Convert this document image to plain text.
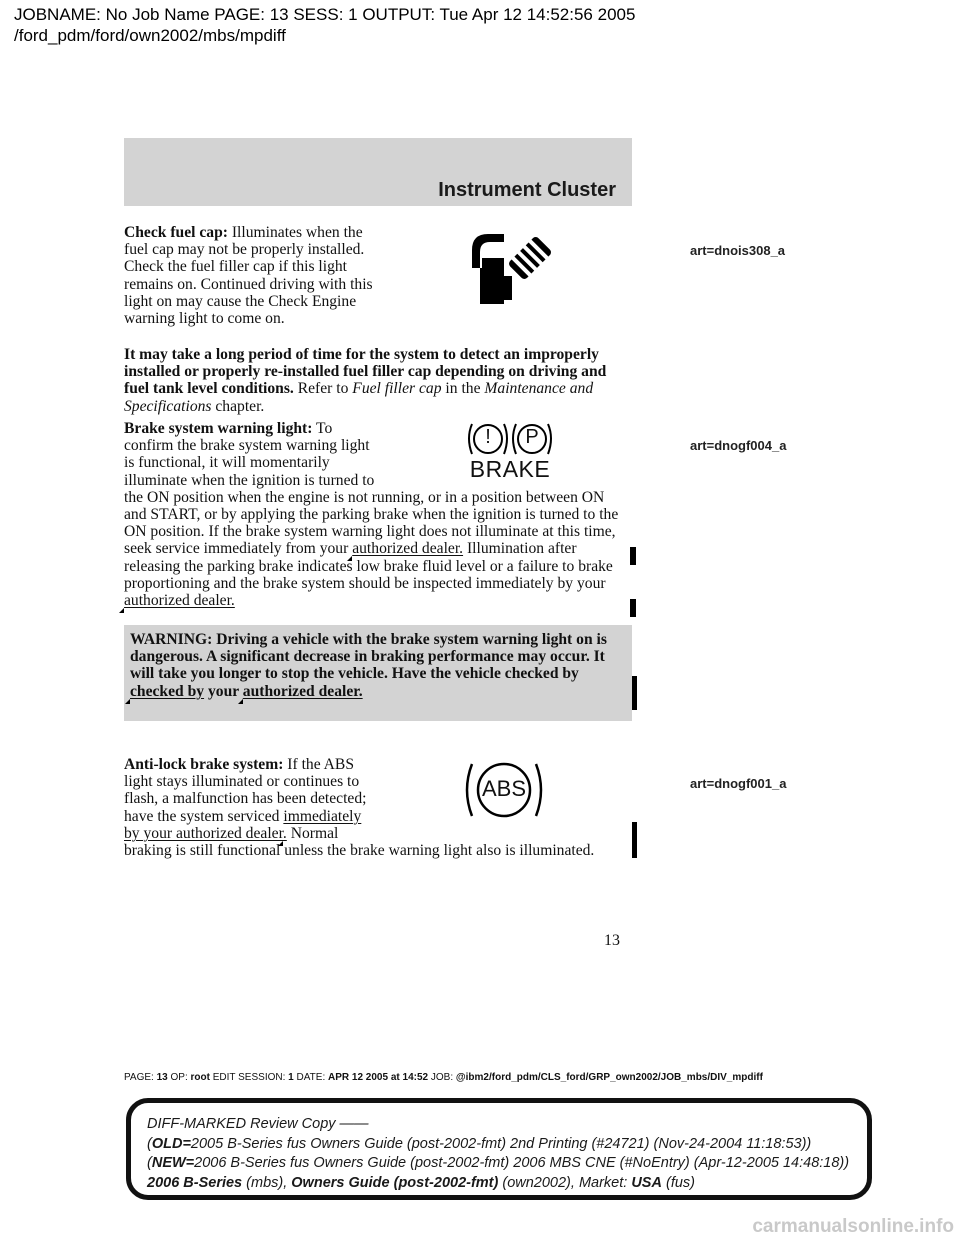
JOBNAME: No Job Name PAGE: 13 SESS: 1 OUTPUT: Tue Apr 12 14:52:56 2005
/ford_pdm/ford/own2002/mbs/mpdiff
Instrument Cluster
Check fuel cap: Illuminates when the fuel cap may not be properly installed. Check the fuel filler cap if this light remains on. Continued driving with this light on may cause the Check Engine warning light to come on.
art=dnois308_a
It may take a long period of time for the system to detect an improperly installed or properly re-installed fuel filler cap depending on driving and fuel tank level conditions. Refer to Fuel filler cap in the Maintenance and Specifications chapter.
Brake system warning light: To confirm the brake system warning light is functional, it will momentarily illuminate when the ignition is turned to the ON position when the engine is not running, or in a position between ON and START, or by applying the parking brake when the ignition is turned to the ON position. If the brake system warning light does not illuminate at this time, seek service immediately from your authorized dealer. Illumination after releasing the parking brake indicates low brake fluid level or a failure to brake proportioning and the brake system should be inspected immediately by your authorized dealer.
! P
BRAKE
art=dnogf004_a
WARNING: Driving a vehicle with the brake system warning light on is dangerous. A significant decrease in braking performance may occur. It will take you longer to stop the vehicle. Have the vehicle checked by checked by your authorized dealer.
Anti-lock brake system: If the ABS light stays illuminated or continues to flash, a malfunction has been detected; have the system serviced immediately by your authorized dealer. Normal braking is still functional unless the brake warning light also is illuminated.
ABS	art=dnogf001_a
13
PAGE: 13 OP: root EDIT SESSION: 1 DATE: APR 12 2005 at 14:52 JOB: @ibm2/ford_pdm/CLS_ford/GRP_own2002/JOB_mbs/DIV_mpdiff
DIFF-MARKED Review Copy ——
(OLD=2005 B-Series fus Owners Guide (post-2002-fmt) 2nd Printing (#24721) (Nov-24-2004 11:18:53))
(NEW=2006 B-Series fus Owners Guide (post-2002-fmt) 2006 MBS CNE (#NoEntry) (Apr-12-2005 14:48:18))
2006 B-Series (mbs), Owners Guide (post-2002-fmt) (own2002), Market: USA (fus)
carmanualsonline.info
